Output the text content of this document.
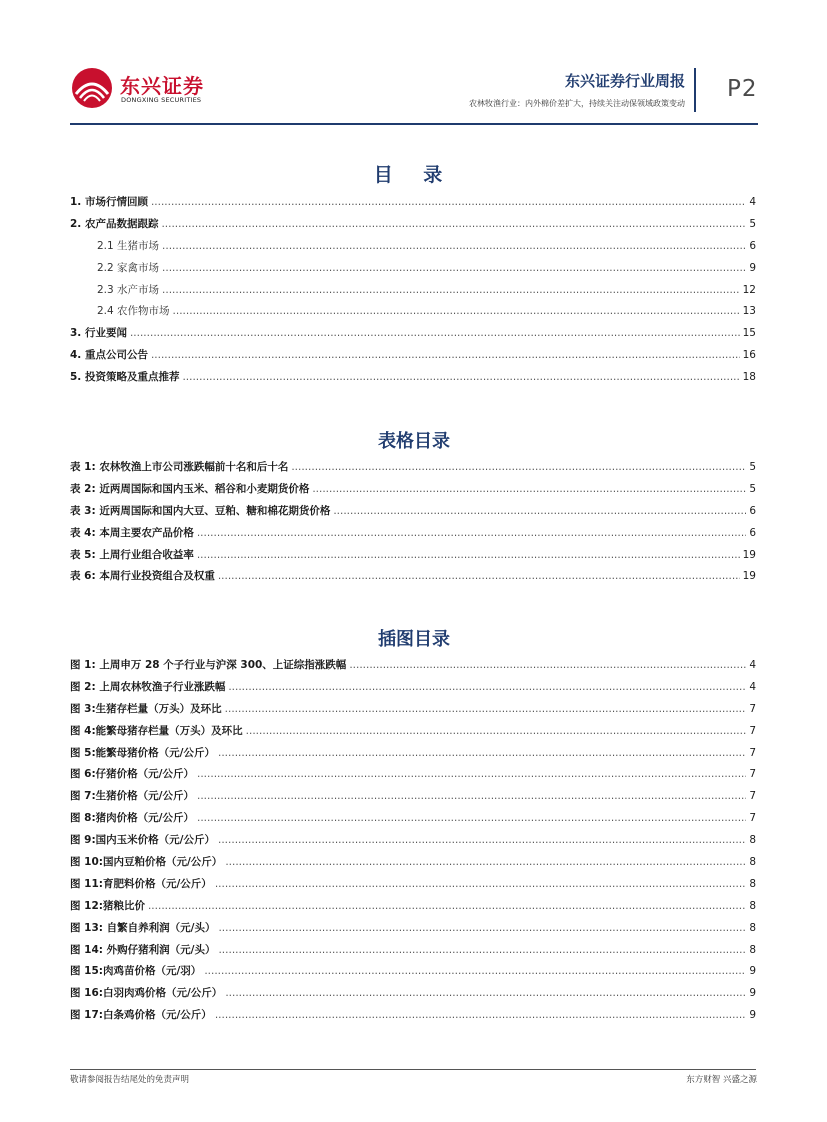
东兴证券
DONGXING SECURITIES
东兴证券行业周报
农林牧渔行业：内外棉价差扩大，持续关注动保领域政策变动
P2
目 录
1. 市场行情回顾 .....	4
2. 农产品数据跟踪 .....	5
2.1 生猪市场 .....	6
2.2 家禽市场 .....	9
2.3 水产市场 .....	12
2.4 农作物市场 .....	13
3. 行业要闻 .....	15
4. 重点公司公告 .....	16
5. 投资策略及重点推荐 .....	18
表格目录
表 1: 农林牧渔上市公司涨跌幅前十名和后十名 .....	5
表 2: 近两周国际和国内玉米、稻谷和小麦期货价格 .....	5
表 3: 近两周国际和国内大豆、豆粕、糖和棉花期货价格 .....	6
表 4: 本周主要农产品价格 .....	6
表 5: 上周行业组合收益率 .....	19
表 6: 本周行业投资组合及权重 .....	19
插图目录
图 1: 上周申万 28 个子行业与沪深 300、上证综指涨跌幅 .....	4
图 2: 上周农林牧渔子行业涨跌幅 .....	4
图 3:生猪存栏量（万头）及环比 .....	7
图 4:能繁母猪存栏量（万头）及环比 .....	7
图 5:能繁母猪价格（元/公斤） .....	7
图 6:仔猪价格（元/公斤） .....	7
图 7:生猪价格（元/公斤） .....	7
图 8:猪肉价格（元/公斤） .....	7
图 9:国内玉米价格（元/公斤） .....	8
图 10:国内豆粕价格（元/公斤） .....	8
图 11:育肥料价格（元/公斤） .....	8
图 12:猪粮比价 .....	8
图 13: 自繁自养利润（元/头） .....	8
图 14: 外购仔猪利润（元/头） .....	8
图 15:肉鸡苗价格（元/羽） .....	9
图 16:白羽肉鸡价格（元/公斤） .....	9
图 17:白条鸡价格（元/公斤） .....	9
敬请参阅报告结尾处的免责声明	东方财智 兴盛之源
